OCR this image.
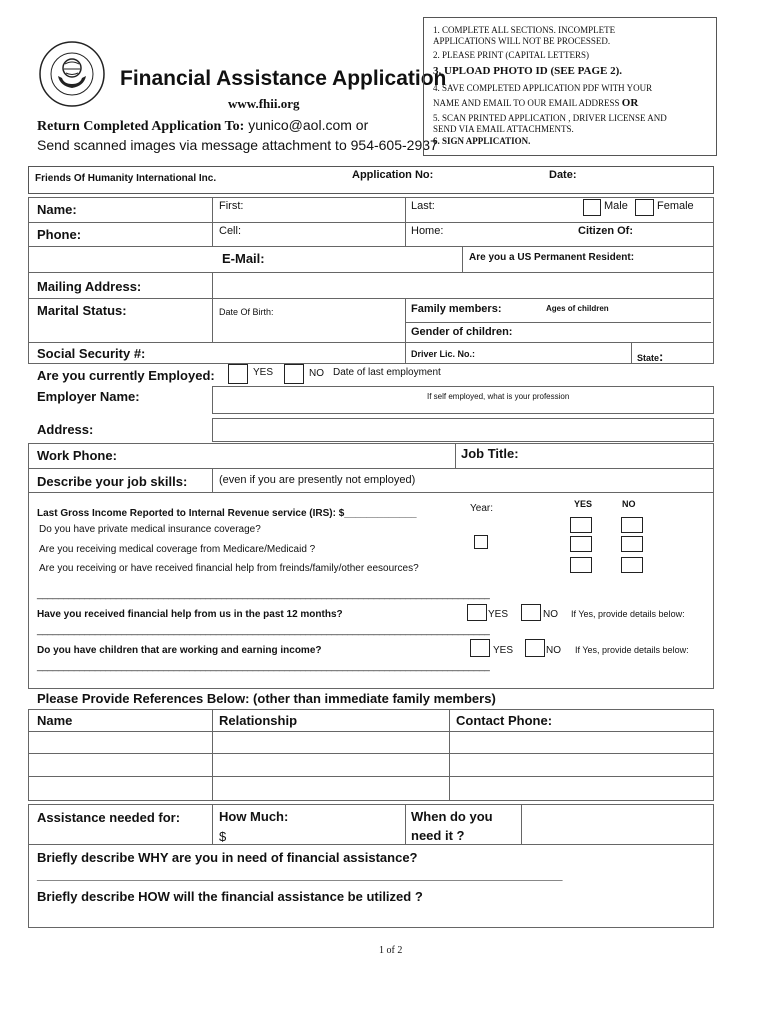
Financial Assistance Application
www.fhii.org
Return Completed Application To: yunico@aol.com or
Send scanned images via message attachment to 954-605-2937
1. COMPLETE ALL SECTIONS. INCOMPLETE
APPLICATIONS WILL NOT BE PROCESSED.
2. PLEASE PRINT (CAPITAL LETTERS)
3. UPLOAD PHOTO ID (SEE PAGE 2).
4. SAVE COMPLETED APPLICATION PDF WITH YOUR
NAME AND EMAIL TO OUR EMAIL ADDRESS OR
5. SCAN PRINTED APPLICATION , DRIVER LICENSE AND
SEND VIA EMAIL ATTACHMENTS.
6. SIGN APPLICATION.
Friends Of Humanity International Inc.	Application No:	Date:
Name:	First:	Last:	Male	Female
Phone:	Cell:	Home:	Citizen Of:
E-Mail:	Are you a US Permanent Resident:
Mailing Address:
Marital Status:	Date Of Birth:	Family members:	Ages of children
Gender of children:
Social Security #:	Driver Lic. No.:	State:
Are you currently Employed:	YES	NO Date of last employment
Employer Name:	If self employed, what is your profession
Address:
Work Phone:	Job Title:
Describe your job skills:	(even if you are presently not employed)
Last Gross Income Reported to Internal Revenue service (IRS): $_____________	Year:	YES	NO
Do you have private medical insurance coverage?
Are you receiving medical coverage from Medicare/Medicaid ?
Are you receiving or have received financial help from freinds/family/other eesources?
______________________________________________________________________________________
Have you received financial help from us in the past 12 months?	YES	NO If Yes, provide details below:
______________________________________________________________________________________
Do you have children that are working and earning income?	YES	NO If Yes, provide details below:
______________________________________________________________________________________
Please Provide References Below: (other than immediate family members)
Name	Relationship	Contact Phone:
Assistance needed for:	How Much:
$
When do you
need it ?
Briefly describe WHY are you in need of financial assistance?
______________________________________________________________________________
Briefly describe HOW will the financial assistance be utilized ?
1 of 2
